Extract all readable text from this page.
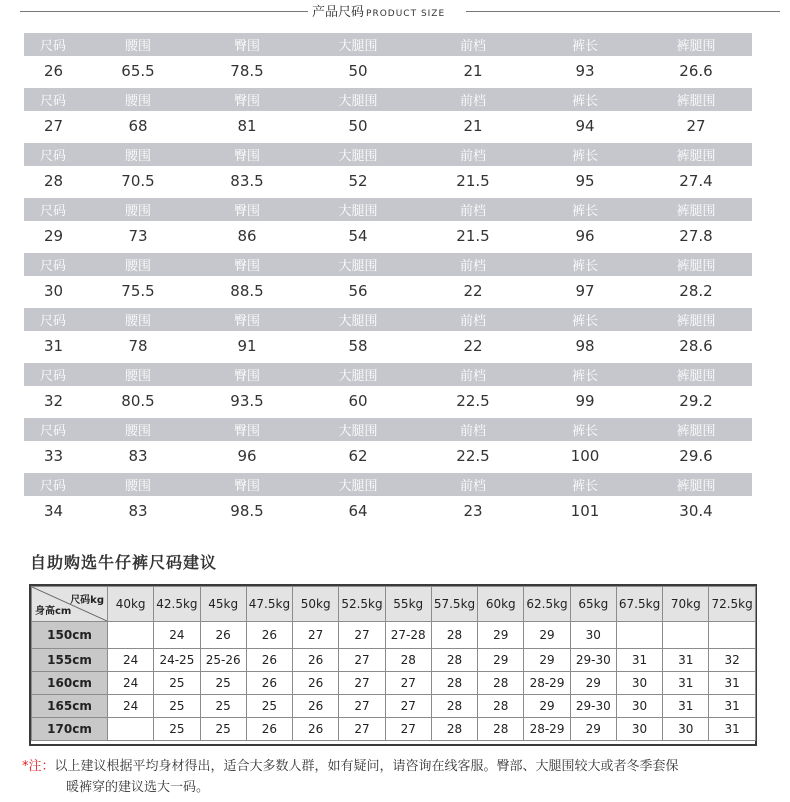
产品尺码 PRODUCT SIZE
尺码	腰围	臀围	大腿围	前档	裤长	裤腿围
26	65.5	78.5	50	21	93	26.6
尺码	腰围	臀围	大腿围	前档	裤长	裤腿围
27	68	81	50	21	94	27
尺码	腰围	臀围	大腿围	前档	裤长	裤腿围
28	70.5	83.5	52	21.5	95	27.4
尺码	腰围	臀围	大腿围	前档	裤长	裤腿围
29	73	86	54	21.5	96	27.8
尺码	腰围	臀围	大腿围	前档	裤长	裤腿围
30	75.5	88.5	56	22	97	28.2
尺码	腰围	臀围	大腿围	前档	裤长	裤腿围
31	78	91	58	22	98	28.6
尺码	腰围	臀围	大腿围	前档	裤长	裤腿围
32	80.5	93.5	60	22.5	99	29.2
尺码	腰围	臀围	大腿围	前档	裤长	裤腿围
33	83	96	62	22.5	100	29.6
尺码	腰围	臀围	大腿围	前档	裤长	裤腿围
34	83	98.5	64	23	101	30.4
自助购选牛仔裤尺码建议
尺码kg
身高cm	40kg	42.5kg	45kg	47.5kg	50kg	52.5kg	55kg	57.5kg	60kg	62.5kg	65kg	67.5kg	70kg	72.5kg
150cm		24	26	26	27	27	27-28	28	29	29	30			
155cm	24	24-25	25-26	26	26	27	28	28	29	29	29-30	31	31	32
160cm	24	25	25	26	26	27	27	28	28	28-29	29	30	31	31
165cm	24	25	25	25	26	27	27	28	28	29	29-30	30	31	31
170cm		25	25	26	26	27	27	28	28	28-29	29	30	30	31
*注：以上建议根据平均身材得出，适合大多数人群，如有疑问，请咨询在线客服。臀部、大腿围较大或者冬季套保
暖裤穿的建议选大一码。
